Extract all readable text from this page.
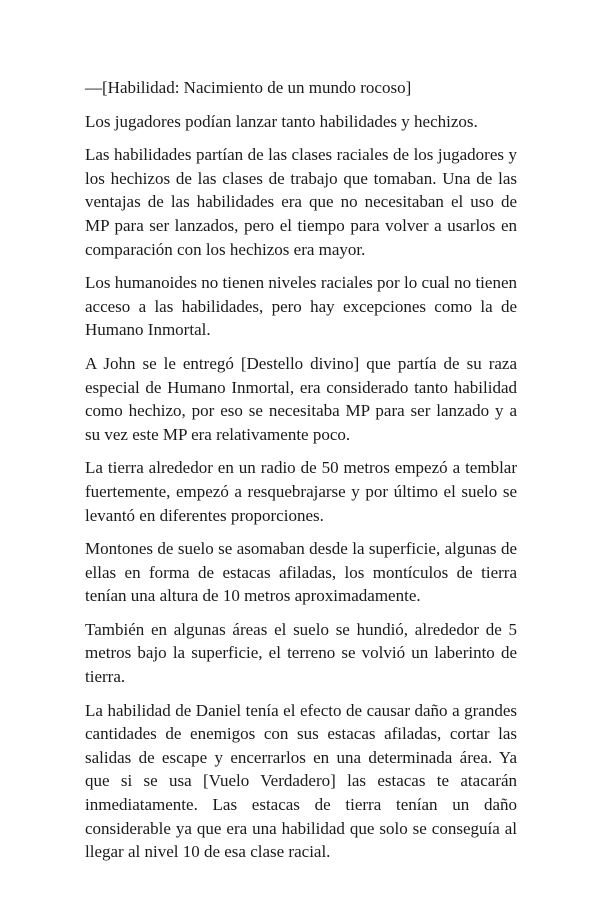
—[Habilidad: Nacimiento de un mundo rocoso]

Los jugadores podían lanzar tanto habilidades y hechizos.

Las habilidades partían de las clases raciales de los jugadores y los hechizos de las clases de trabajo que tomaban. Una de las ventajas de las habilidades era que no necesitaban el uso de MP para ser lanzados, pero el tiempo para volver a usarlos en comparación con los hechizos era mayor.

Los humanoides no tienen niveles raciales por lo cual no tienen acceso a las habilidades, pero hay excepciones como la de Humano Inmortal.

A John se le entregó [Destello divino] que partía de su raza especial de Humano Inmortal, era considerado tanto habilidad como hechizo, por eso se necesitaba MP para ser lanzado y a su vez este MP era relativamente poco.

La tierra alrededor en un radio de 50 metros empezó a temblar fuertemente, empezó a resquebrajarse y por último el suelo se levantó en diferentes proporciones.

Montones de suelo se asomaban desde la superficie, algunas de ellas en forma de estacas afiladas, los montículos de tierra tenían una altura de 10 metros aproximadamente.

También en algunas áreas el suelo se hundió, alrededor de 5 metros bajo la superficie, el terreno se volvió un laberinto de tierra.

La habilidad de Daniel tenía el efecto de causar daño a grandes cantidades de enemigos con sus estacas afiladas, cortar las salidas de escape y encerrarlos en una determinada área. Ya que si se usa [Vuelo Verdadero] las estacas te atacarán inmediatamente. Las estacas de tierra tenían un daño considerable ya que era una habilidad que solo se conseguía al llegar al nivel 10 de esa clase racial.
